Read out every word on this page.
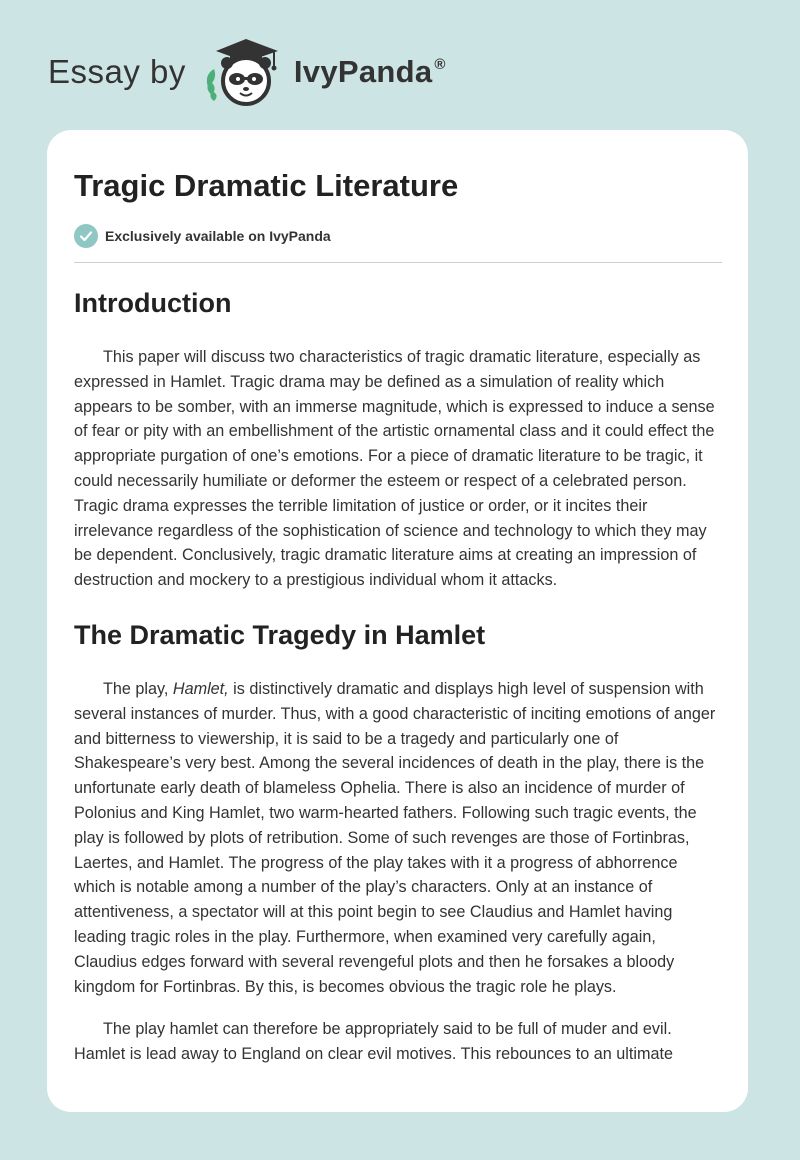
Essay by	IvyPanda ®
Tragic Dramatic Literature
Exclusively available on IvyPanda
Introduction

This paper will discuss two characteristics of tragic dramatic literature, especially as expressed in Hamlet. Tragic drama may be defined as a simulation of reality which appears to be somber, with an immerse magnitude, which is expressed to induce a sense of fear or pity with an embellishment of the artistic ornamental class and it could effect the appropriate purgation of one’s emotions. For a piece of dramatic literature to be tragic, it could necessarily humiliate or deformer the esteem or respect of a celebrated person. Tragic drama expresses the terrible limitation of justice or order, or it incites their irrelevance regardless of the sophistication of science and technology to which they may be dependent. Conclusively, tragic dramatic literature aims at creating an impression of destruction and mockery to a prestigious individual whom it attacks.

The Dramatic Tragedy in Hamlet

The play, Hamlet, is distinctively dramatic and displays high level of suspension with several instances of murder. Thus, with a good characteristic of inciting emotions of anger and bitterness to viewership, it is said to be a tragedy and particularly one of Shakespeare’s very best. Among the several incidences of death in the play, there is the unfortunate early death of blameless Ophelia. There is also an incidence of murder of Polonius and King Hamlet, two warm-hearted fathers. Following such tragic events, the play is followed by plots of retribution. Some of such revenges are those of Fortinbras, Laertes, and Hamlet. The progress of the play takes with it a progress of abhorrence which is notable among a number of the play’s characters. Only at an instance of attentiveness, a spectator will at this point begin to see Claudius and Hamlet having leading tragic roles in the play. Furthermore, when examined very carefully again, Claudius edges forward with several revengeful plots and then he forsakes a bloody kingdom for Fortinbras. By this, is becomes obvious the tragic role he plays.

The play hamlet can therefore be appropriately said to be full of muder and evil. Hamlet is lead away to England on clear evil motives. This rebounces to an ultimate
